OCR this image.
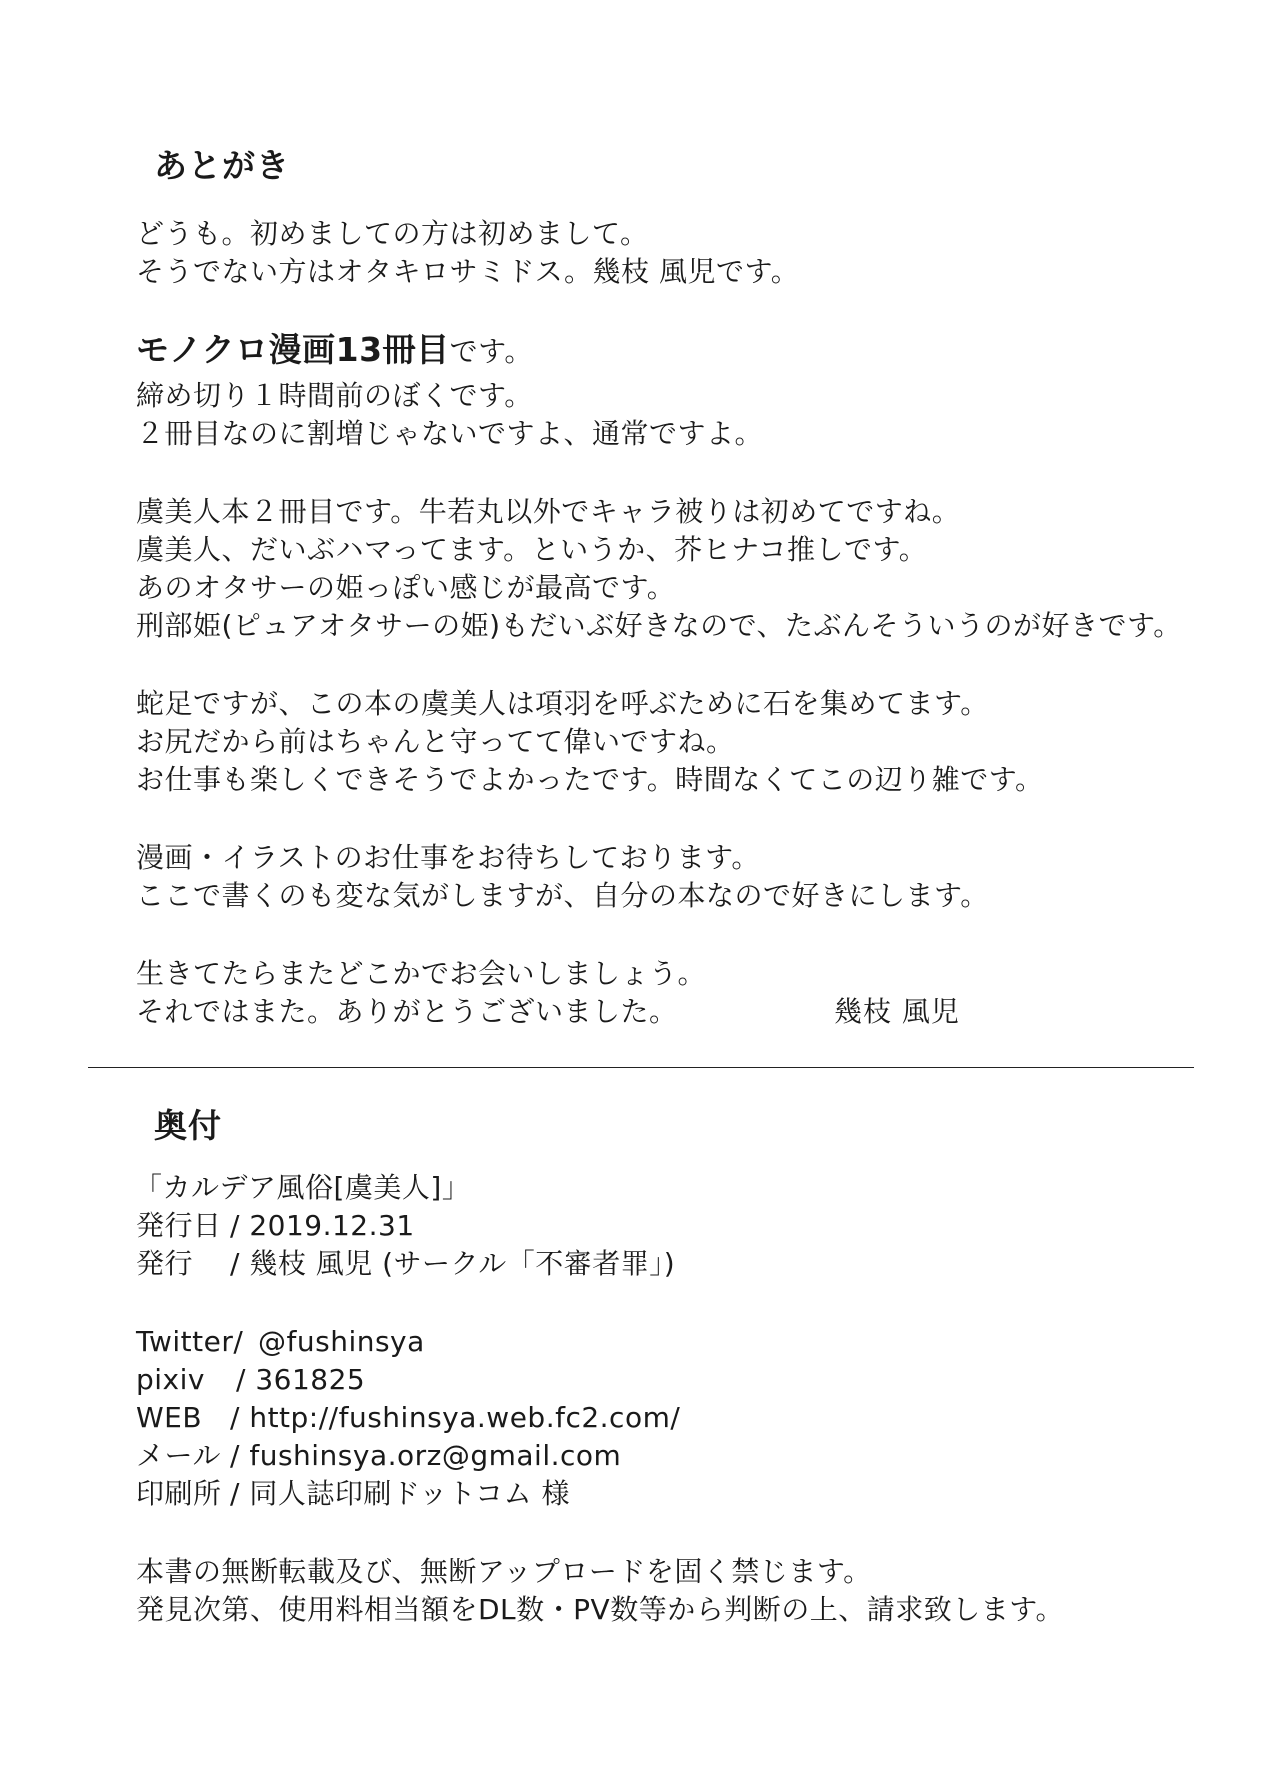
あとがき
どうも。初めましての方は初めまして。
そうでない方はオタキロサミドス。幾枝 風児です。
モノクロ漫画13冊目です。
締め切り１時間前のぼくです。
２冊目なのに割増じゃないですよ、通常ですよ。
虞美人本２冊目です。牛若丸以外でキャラ被りは初めてですね。
虞美人、だいぶハマってます。というか、芥ヒナコ推しです。
あのオタサーの姫っぽい感じが最高です。
刑部姫(ピュアオタサーの姫)もだいぶ好きなので、たぶんそういうのが好きです。
蛇足ですが、この本の虞美人は項羽を呼ぶために石を集めてます。
お尻だから前はちゃんと守ってて偉いですね。
お仕事も楽しくできそうでよかったです。時間なくてこの辺り雑です。
漫画・イラストのお仕事をお待ちしております。
ここで書くのも変な気がしますが、自分の本なので好きにします。
生きてたらまたどこかでお会いしましょう。
それではまた。ありがとうございました。	幾枝 風児
奥付
「カルデア風俗[虞美人]」
発行日 / 2019.12.31
発行 / 幾枝 風児 (サークル「不審者罪」)
Twitter/ @fushinsya
pixiv / 361825
WEB / http://fushinsya.web.fc2.com/
メール / fushinsya.orz@gmail.com
印刷所 / 同人誌印刷ドットコム 様
本書の無断転載及び、無断アップロードを固く禁じます。
発見次第、使用料相当額をDL数・PV数等から判断の上、請求致します。
